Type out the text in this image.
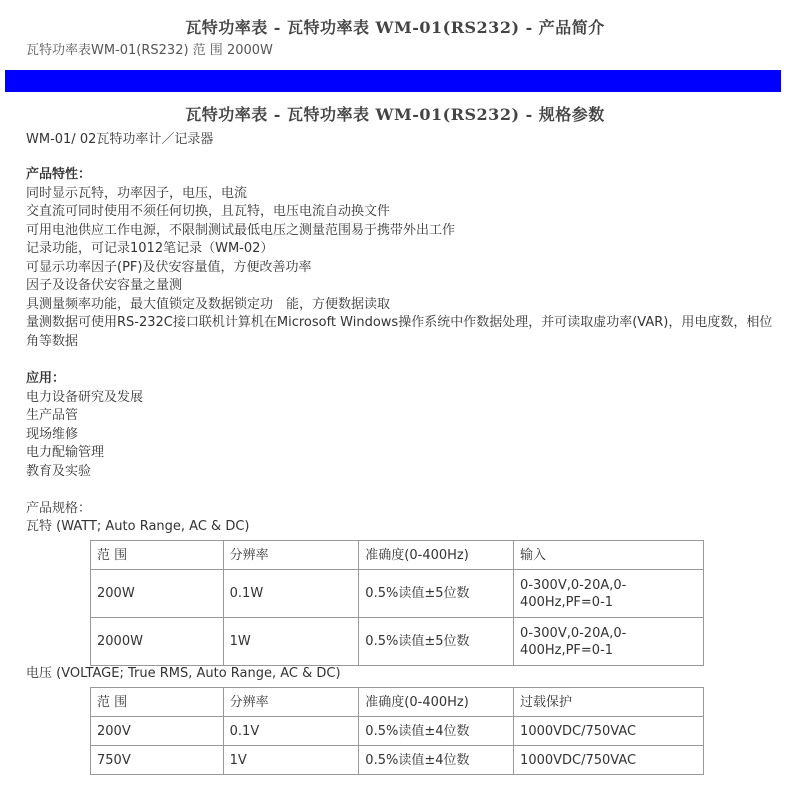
瓦特功率表 - 瓦特功率表 WM-01(RS232) - 产品简介
瓦特功率表WM-01(RS232) 范 围 2000W
瓦特功率表 - 瓦特功率表 WM-01(RS232) - 规格参数
WM-01/ 02瓦特功率计／记录器
产品特性：
同时显示瓦特，功率因子，电压，电流
交直流可同时使用不须任何切换，且瓦特，电压电流自动换文件
可用电池供应工作电源，不限制测试最低电压之测量范围易于携带外出工作
记录功能，可记录1012笔记录（WM-02）
可显示功率因子(PF)及伏安容量值，方便改善功率
因子及设备伏安容量之量测
具测量频率功能，最大值锁定及数据锁定功　能，方便数据读取
量测数据可使用RS-232C接口联机计算机在Microsoft Windows操作系统中作数据处理，并可读取虚功率(VAR)，用电度数，相位角等数据
应用：
电力设备研究及发展
生产品管
现场维修
电力配输管理
教育及实验
产品规格：
瓦特 (WATT; Auto Range, AC & DC)
范 围	分辨率	准确度(0-400Hz)	输入
200W	0.1W	0.5%读值±5位数	0-300V,0-20A,0-400Hz,PF=0-1
2000W	1W	0.5%读值±5位数	0-300V,0-20A,0-400Hz,PF=0-1
电压 (VOLTAGE; True RMS, Auto Range, AC & DC)
范 围	分辨率	准确度(0-400Hz)	过载保护
200V	0.1V	0.5%读值±4位数	1000VDC/750VAC
750V	1V	0.5%读值±4位数	1000VDC/750VAC
